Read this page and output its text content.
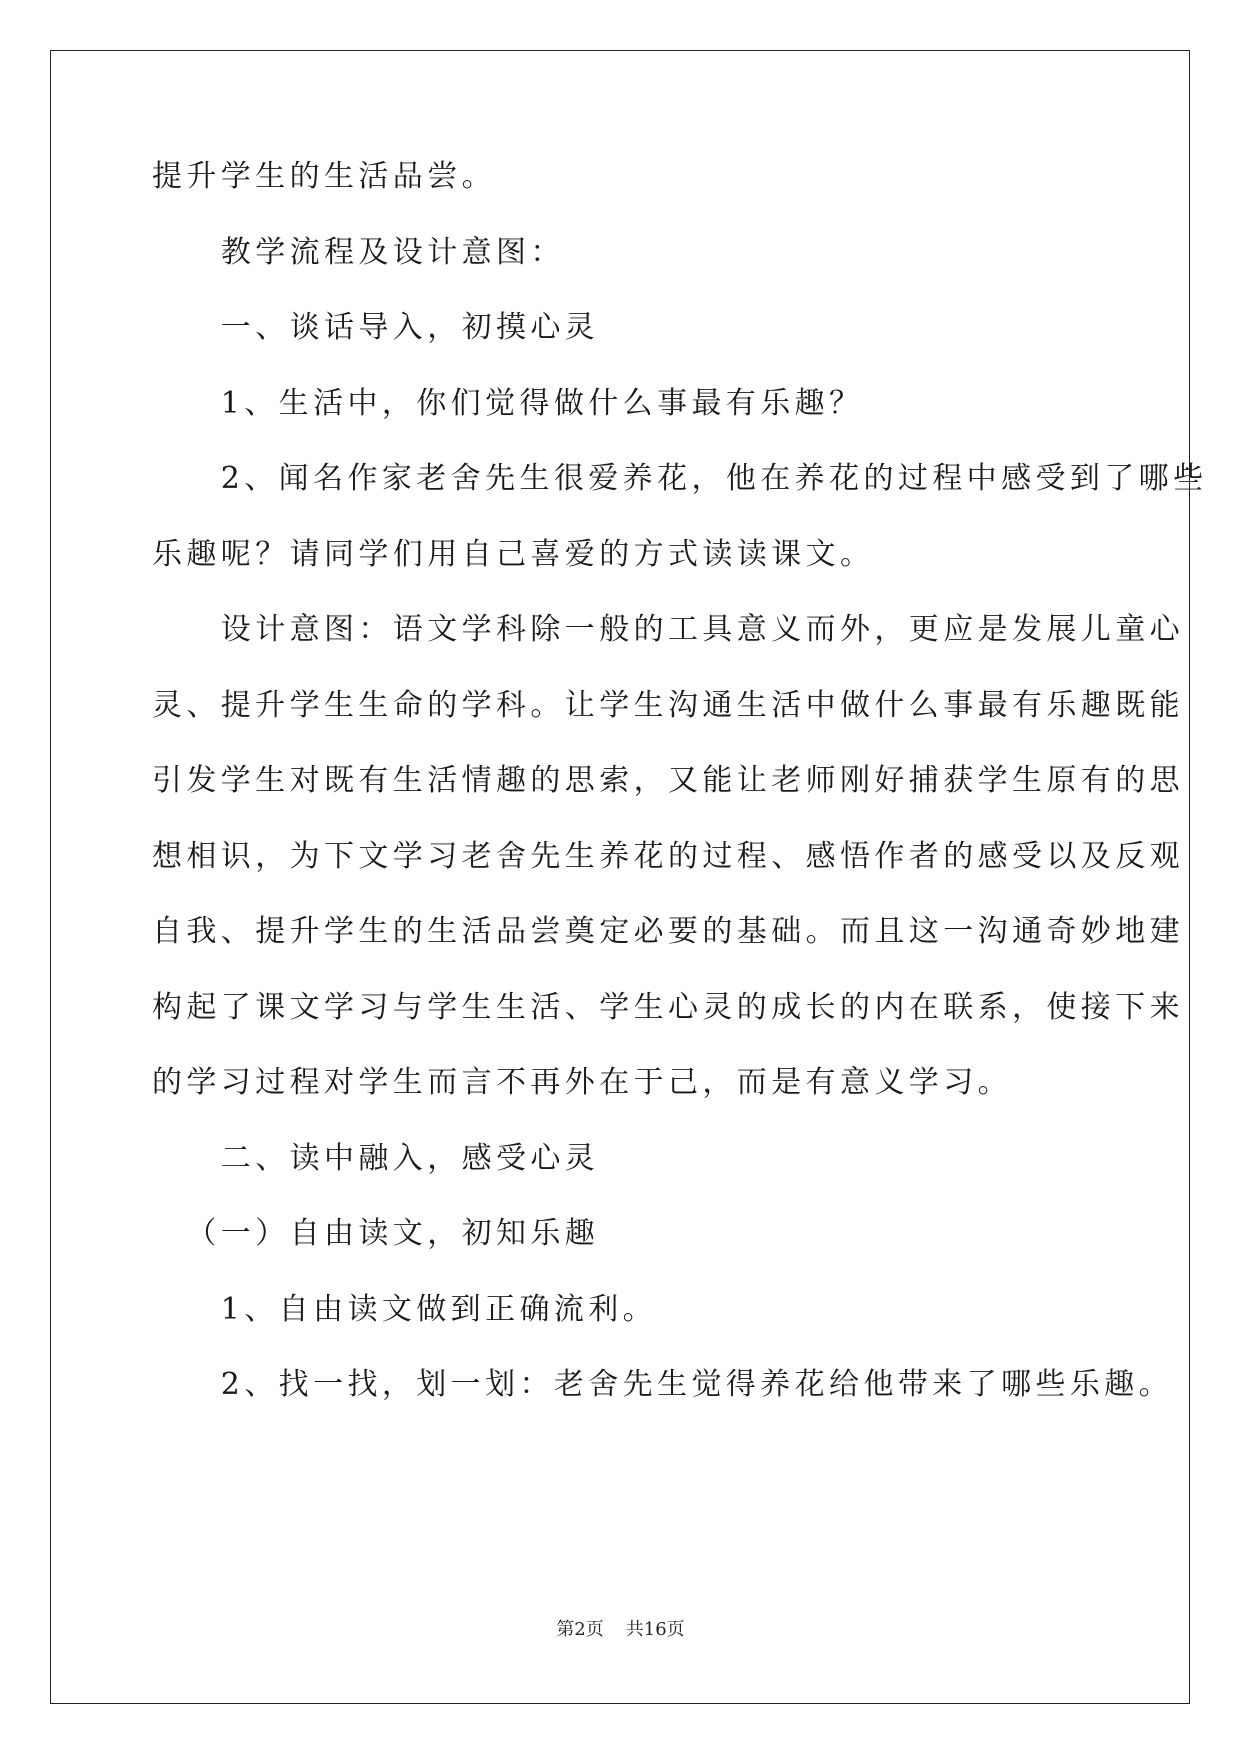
提升学生的生活品尝。
教学流程及设计意图：
一、谈话导入，初摸心灵
1、生活中，你们觉得做什么事最有乐趣？
2、闻名作家老舍先生很爱养花，他在养花的过程中感受到了哪些
乐趣呢？请同学们用自己喜爱的方式读读课文。
设计意图：语文学科除一般的工具意义而外，更应是发展儿童心
灵、提升学生生命的学科。让学生沟通生活中做什么事最有乐趣既能
引发学生对既有生活情趣的思索，又能让老师刚好捕获学生原有的思
想相识，为下文学习老舍先生养花的过程、感悟作者的感受以及反观
自我、提升学生的生活品尝奠定必要的基础。而且这一沟通奇妙地建
构起了课文学习与学生生活、学生心灵的成长的内在联系，使接下来
的学习过程对学生而言不再外在于己，而是有意义学习。
二、读中融入，感受心灵
（一）自由读文，初知乐趣
1、自由读文做到正确流利。
2、找一找，划一划：老舍先生觉得养花给他带来了哪些乐趣。
第2页 共16页
